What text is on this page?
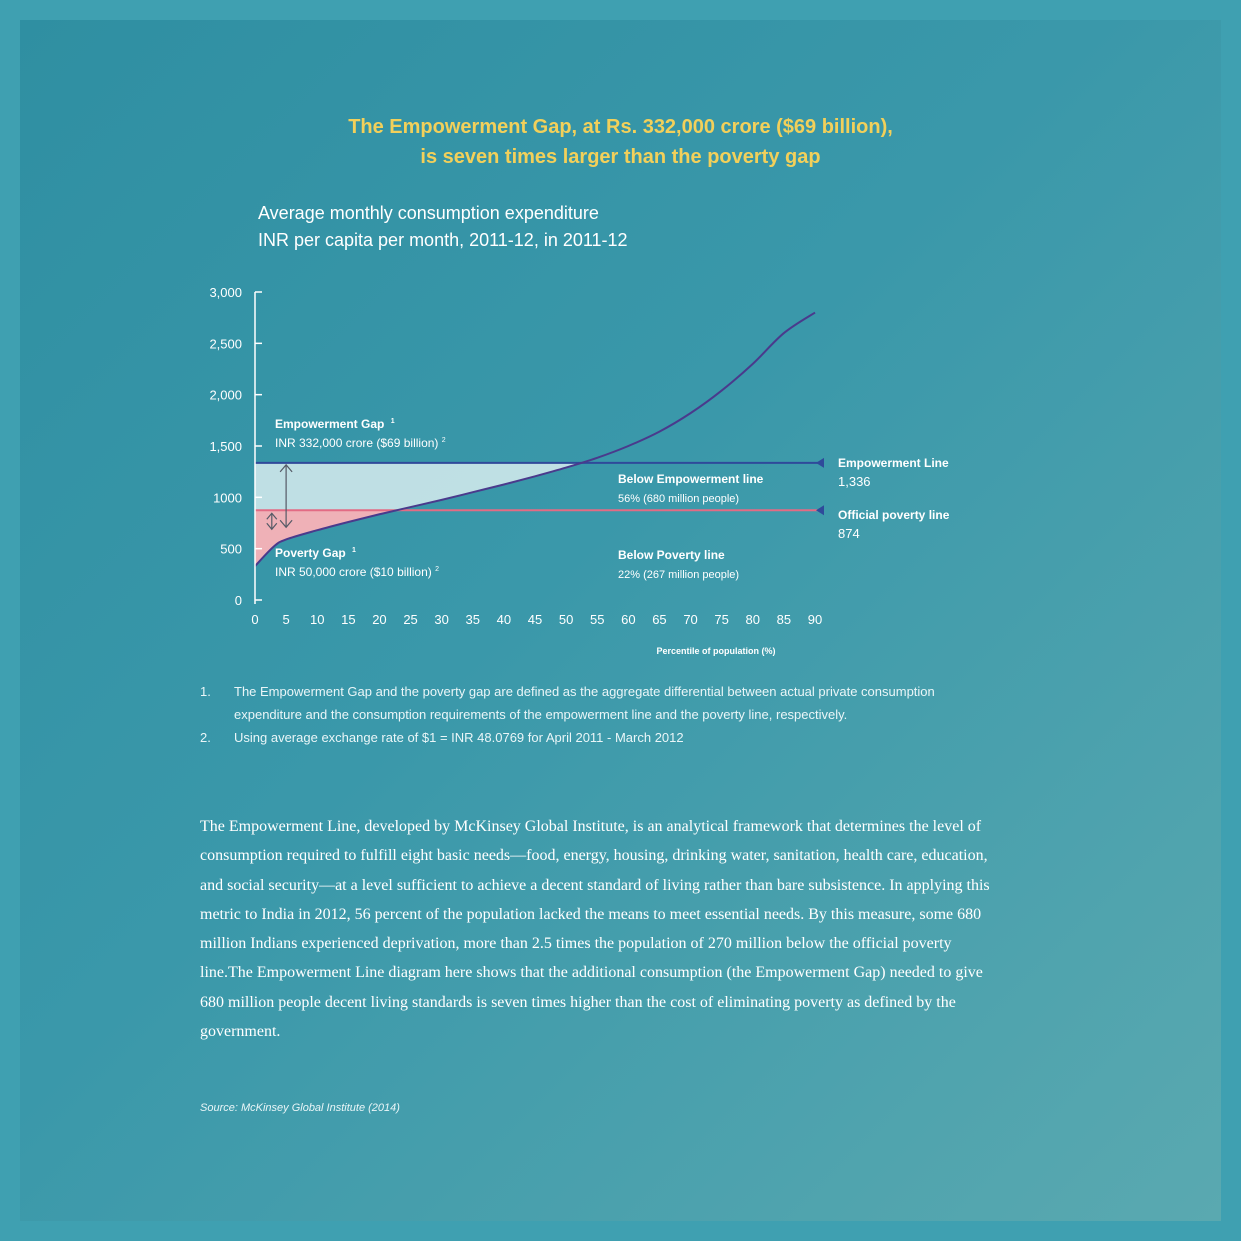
The Empowerment Gap, at Rs. 332,000 crore ($69 billion),
is seven times larger than the poverty gap
Average monthly consumption expenditure
INR per capita per month, 2011-12, in 2011-12
3,000
2,500
2,000
1,500
1000
500
0
0 5 10 15 20 25 30 35 40 45 50 55 60 65 70 75 80 85 90
Empowerment Gap $^1$
INR 332,000 crore ($69 billion) $^2$
Poverty Gap $^1$
INR 50,000 crore ($10 billion) $^2$
Below Empowerment line
56% (680 million people)
Below Poverty line
22% (267 million people)
Empowerment Line
1,336
Official poverty line
874
Percentile of population (%)
1.	The Empowerment Gap and the poverty gap are defined as the aggregate differential between actual private consumption expenditure and the consumption requirements of the empowerment line and the poverty line, respectively.
2.	Using average exchange rate of $1 = INR 48.0769 for April 2011 - March 2012
The Empowerment Line, developed by McKinsey Global Institute, is an analytical framework that determines the level of consumption required to fulfill eight basic needs—food, energy, housing, drinking water, sanitation, health care, education, and social security—at a level sufficient to achieve a decent standard of living rather than bare subsistence. In applying this metric to India in 2012, 56 percent of the population lacked the means to meet essential needs. By this measure, some 680 million Indians experienced deprivation, more than 2.5 times the population of 270 million below the official poverty line.The Empowerment Line diagram here shows that the additional consumption (the Empowerment Gap) needed to give 680 million people decent living standards is seven times higher than the cost of eliminating poverty as defined by the government.
Source: McKinsey Global Institute (2014)
